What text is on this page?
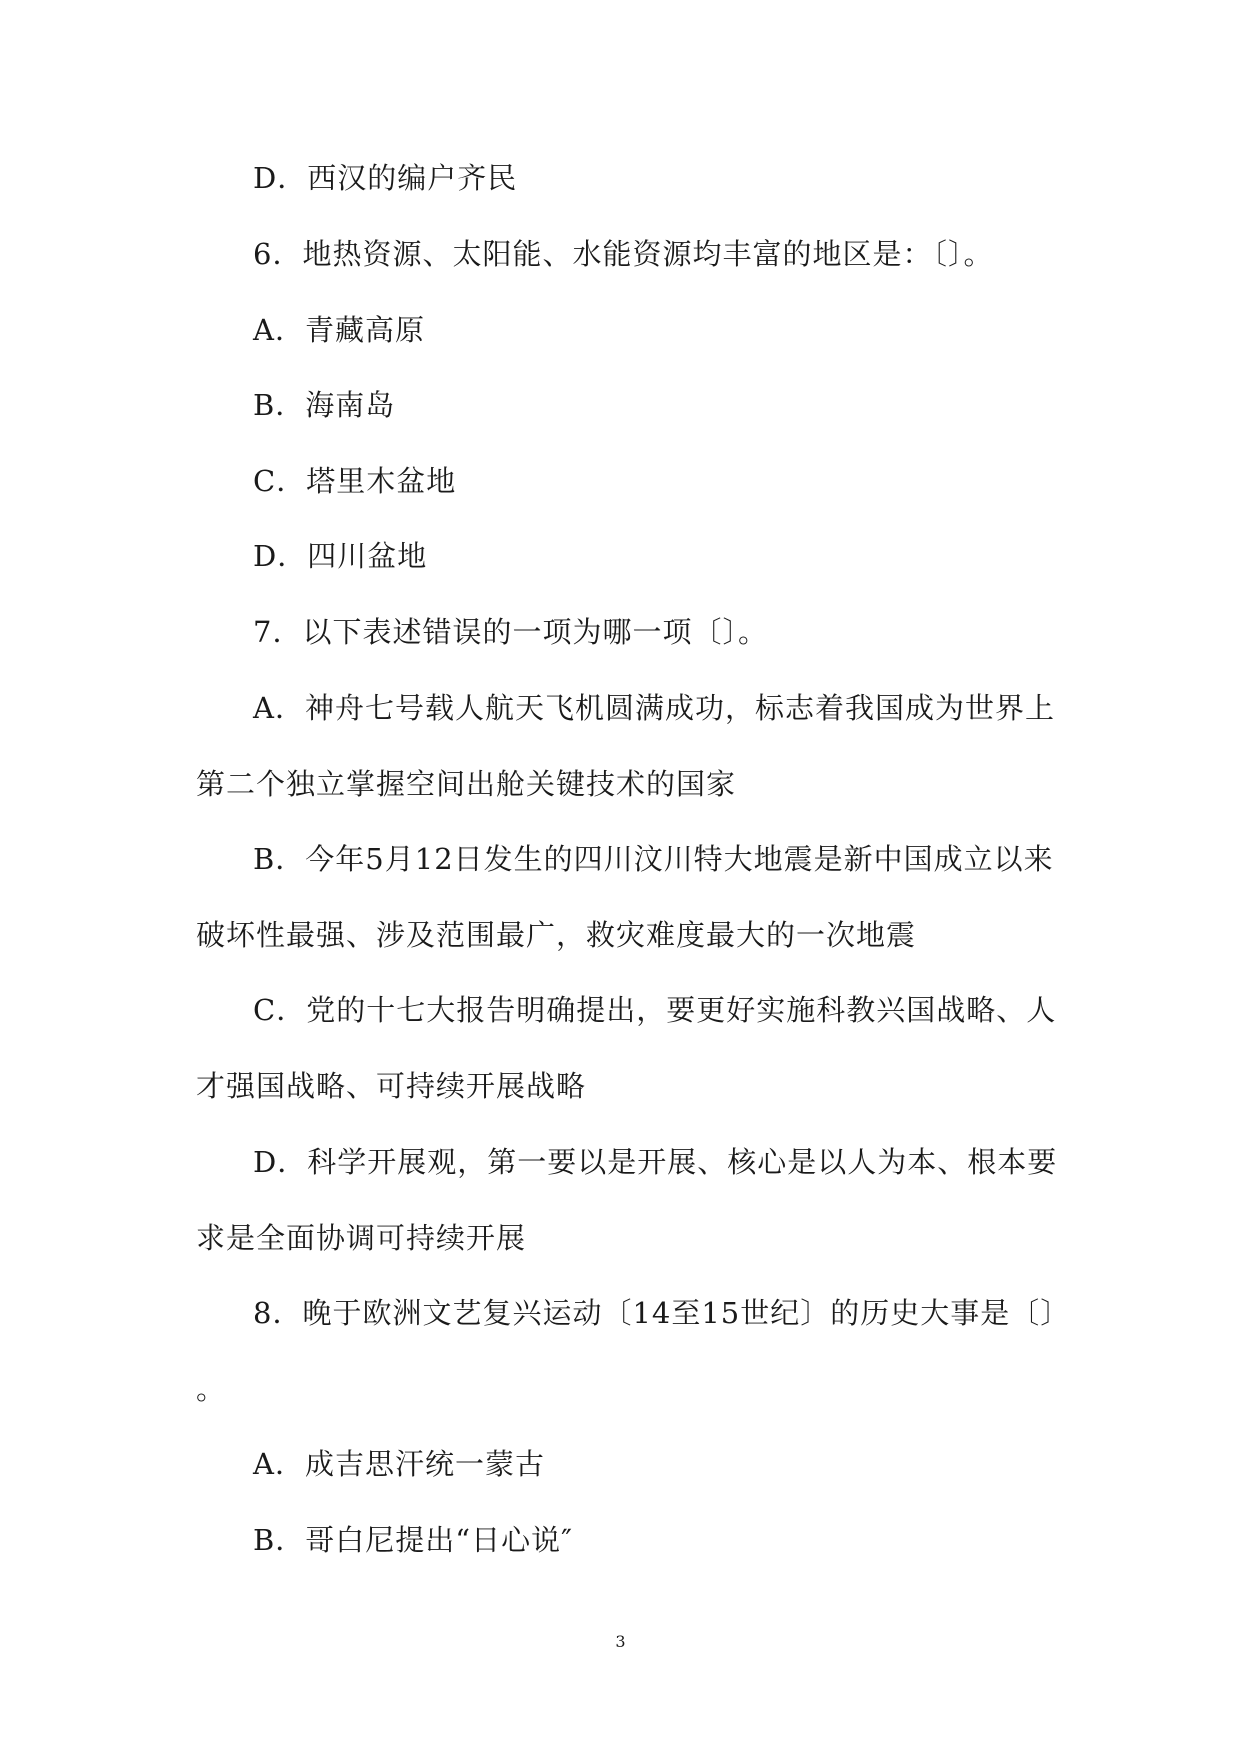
D．西汉的编户齐民
6．地热资源、太阳能、水能资源均丰富的地区是：〔〕。
A．青藏高原
B．海南岛
C．塔里木盆地
D．四川盆地
7．以下表述错误的一项为哪一项〔〕。
A．神舟七号载人航天飞机圆满成功，标志着我国成为世界上
第二个独立掌握空间出舱关键技术的国家
B．今年5月12日发生的四川汶川特大地震是新中国成立以来
破坏性最强、涉及范围最广，救灾难度最大的一次地震
C．党的十七大报告明确提出，要更好实施科教兴国战略、人
才强国战略、可持续开展战略
D．科学开展观，第一要以是开展、核心是以人为本、根本要
求是全面协调可持续开展
8．晚于欧洲文艺复兴运动〔14至15世纪〕的历史大事是〔〕
。
A．成吉思汗统一蒙古
B．哥白尼提出“日心说″
3
